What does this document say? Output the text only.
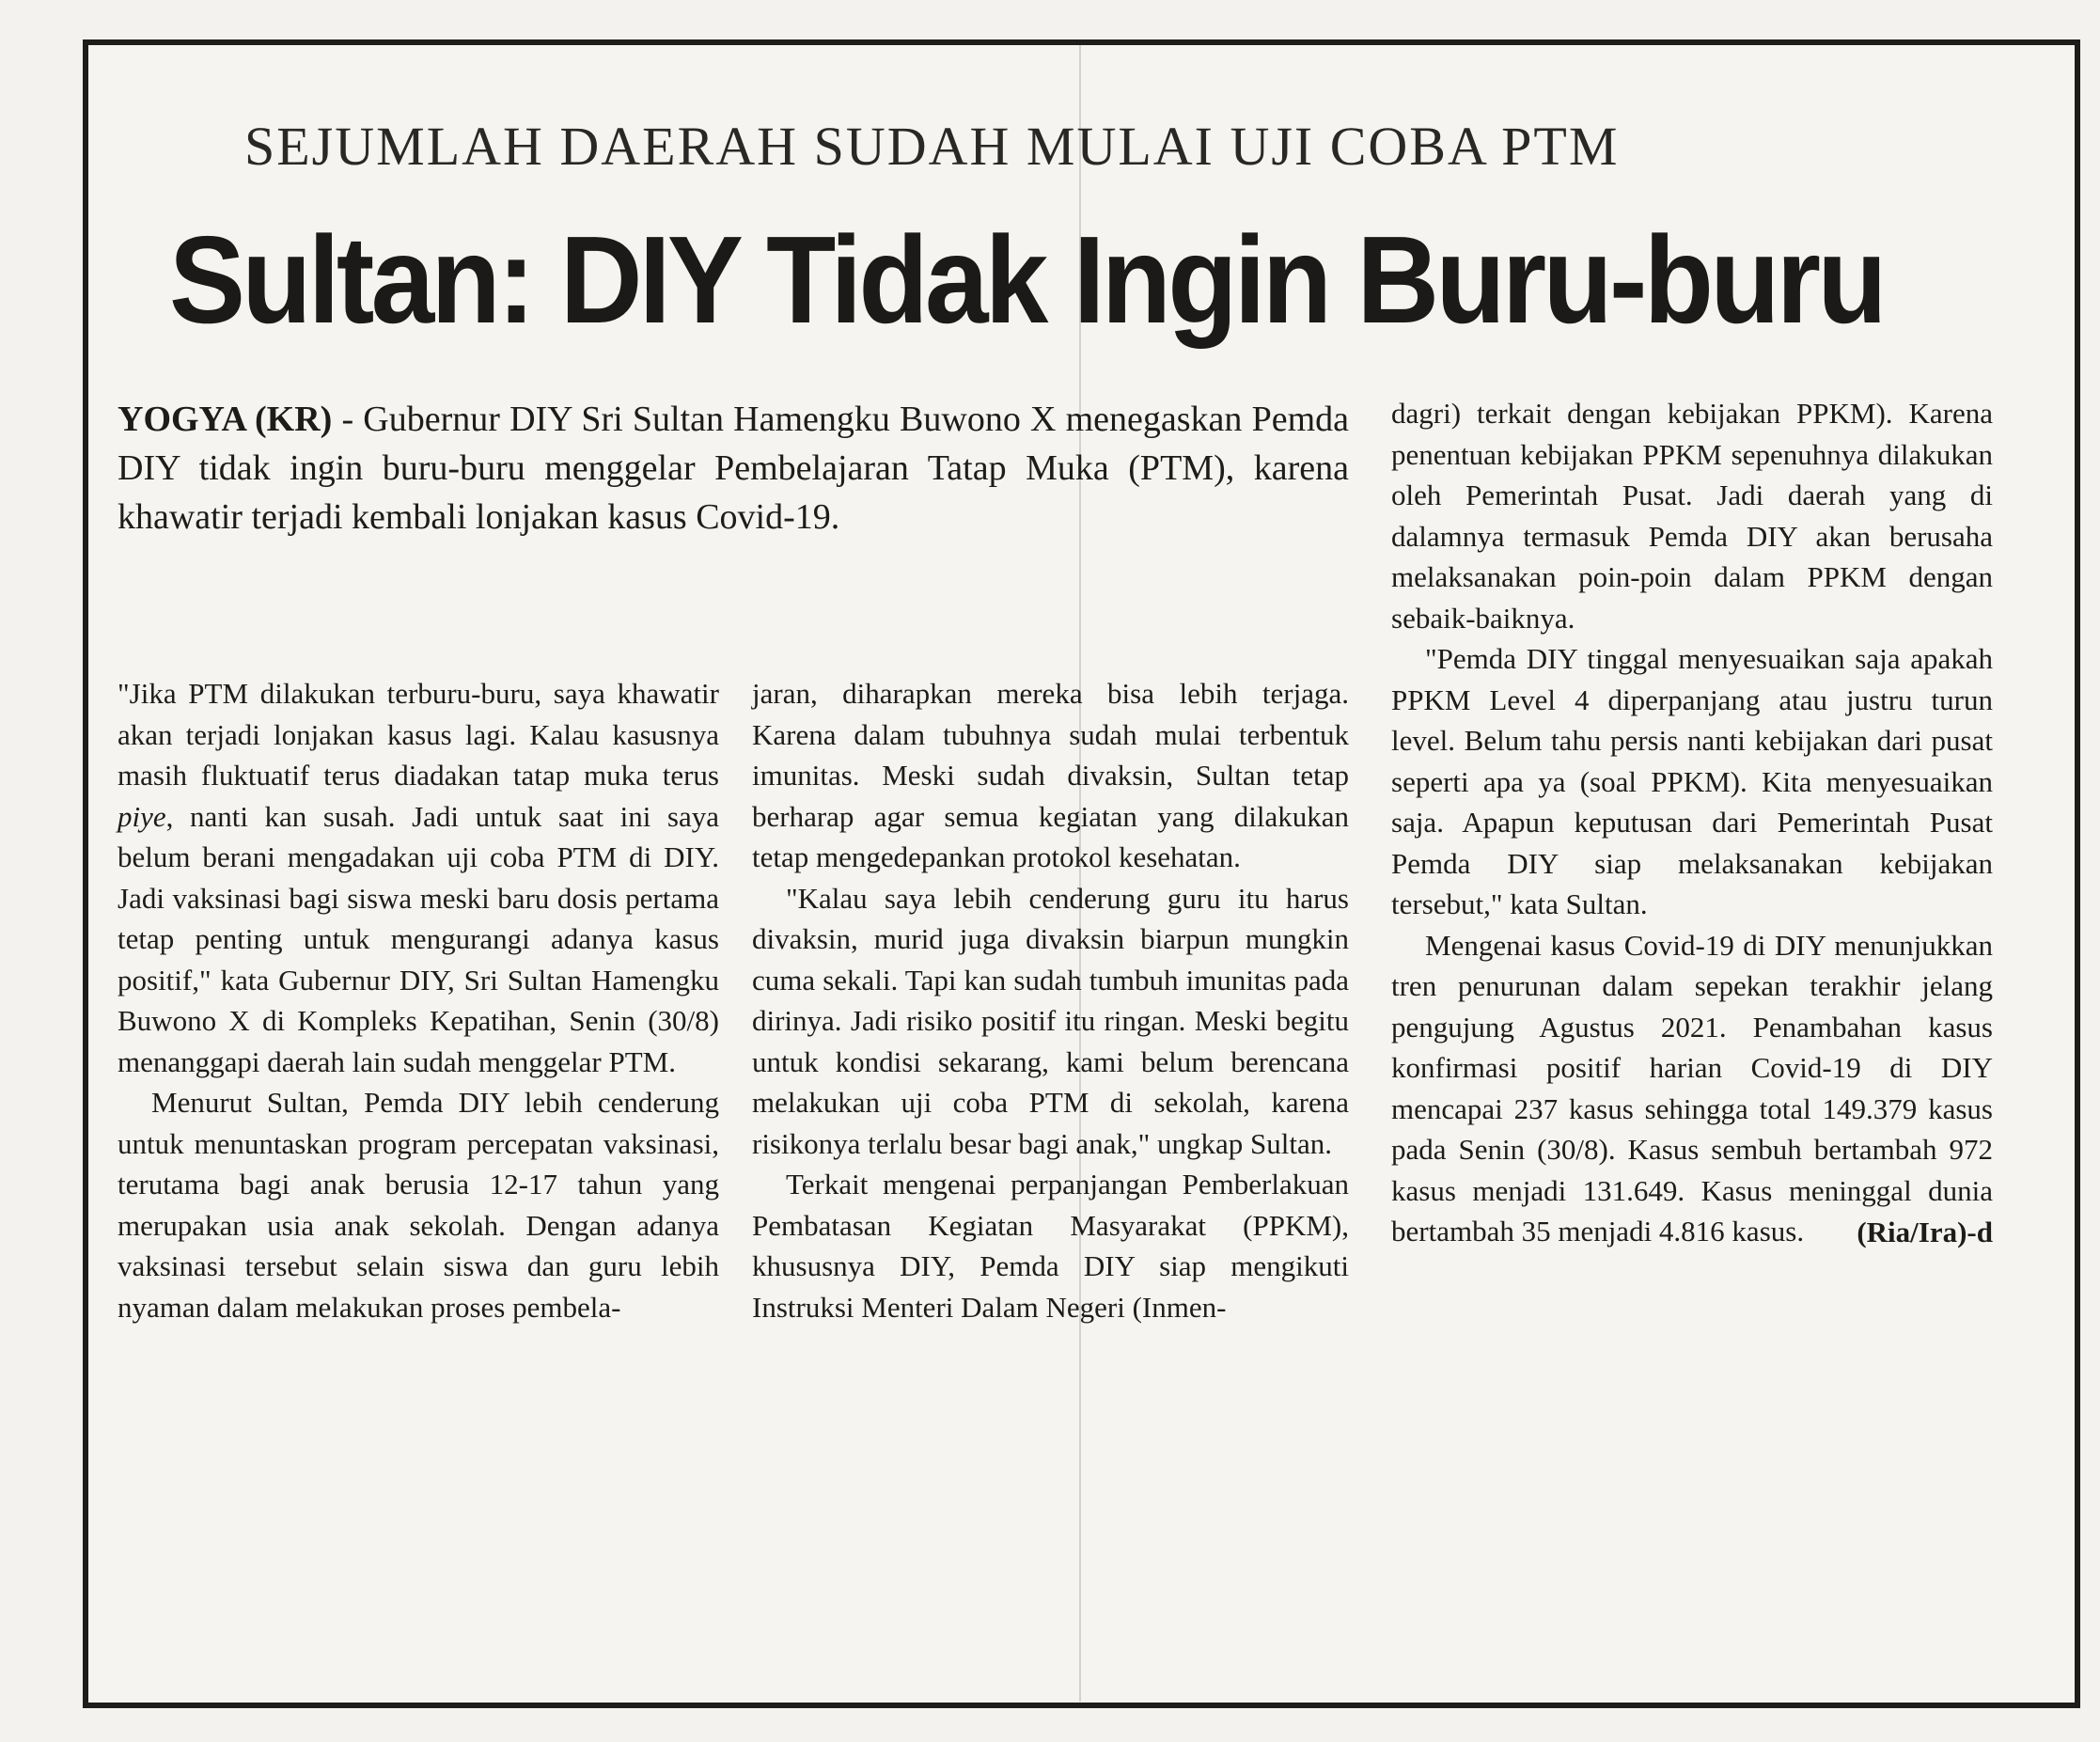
SEJUMLAH DAERAH SUDAH MULAI UJI COBA PTM
Sultan: DIY Tidak Ingin Buru-buru
YOGYA (KR) - Gubernur DIY Sri Sultan Hamengku Buwono X menegaskan Pemda DIY tidak ingin buru-buru menggelar Pembelajaran Tatap Muka (PTM), karena khawatir terjadi kembali lonjakan kasus Covid-19.

"Jika PTM dilakukan terburu-buru, saya khawatir akan terjadi lonjakan kasus lagi. Kalau kasusnya masih fluktuatif terus diadakan tatap muka terus piye, nanti kan susah. Jadi untuk saat ini saya belum berani mengadakan uji coba PTM di DIY. Jadi vaksinasi bagi siswa meski baru dosis pertama tetap penting untuk mengurangi adanya kasus positif," kata Gubernur DIY, Sri Sultan Hamengku Buwono X di Kompleks Kepatihan, Senin (30/8) menanggapi daerah lain sudah menggelar PTM.

Menurut Sultan, Pemda DIY lebih cenderung untuk menuntaskan program percepatan vaksinasi, terutama bagi anak berusia 12-17 tahun yang merupakan usia anak sekolah. Dengan adanya vaksinasi tersebut selain siswa dan guru lebih nyaman dalam melakukan proses pembela-

jaran, diharapkan mereka bisa lebih terjaga. Karena dalam tubuhnya sudah mulai terbentuk imunitas. Meski sudah divaksin, Sultan tetap berharap agar semua kegiatan yang dilakukan tetap mengedepankan protokol kesehatan.

"Kalau saya lebih cenderung guru itu harus divaksin, murid juga divaksin biarpun mungkin cuma sekali. Tapi kan sudah tumbuh imunitas pada dirinya. Jadi risiko positif itu ringan. Meski begitu untuk kondisi sekarang, kami belum berencana melakukan uji coba PTM di sekolah, karena risikonya terlalu besar bagi anak," ungkap Sultan.

Terkait mengenai perpanjangan Pemberlakuan Pembatasan Kegiatan Masyarakat (PPKM), khususnya DIY, Pemda DIY siap mengikuti Instruksi Menteri Dalam Negeri (Inmen-

dagri) terkait dengan kebijakan PPKM). Karena penentuan kebijakan PPKM sepenuhnya dilakukan oleh Pemerintah Pusat. Jadi daerah yang di dalamnya termasuk Pemda DIY akan berusaha melaksanakan poin-poin dalam PPKM dengan sebaik-baiknya.

"Pemda DIY tinggal menyesuaikan saja apakah PPKM Level 4 diperpanjang atau justru turun level. Belum tahu persis nanti kebijakan dari pusat seperti apa ya (soal PPKM). Kita menyesuaikan saja. Apapun keputusan dari Pemerintah Pusat Pemda DIY siap melaksanakan kebijakan tersebut," kata Sultan.

Mengenai kasus Covid-19 di DIY menunjukkan tren penurunan dalam sepekan terakhir jelang pengujung Agustus 2021. Penambahan kasus konfirmasi positif harian Covid-19 di DIY mencapai 237 kasus sehingga total 149.379 kasus pada Senin (30/8). Kasus sembuh bertambah 972 kasus menjadi 131.649. Kasus meninggal dunia bertambah 35 menjadi 4.816 kasus.	(Ria/Ira)-d
